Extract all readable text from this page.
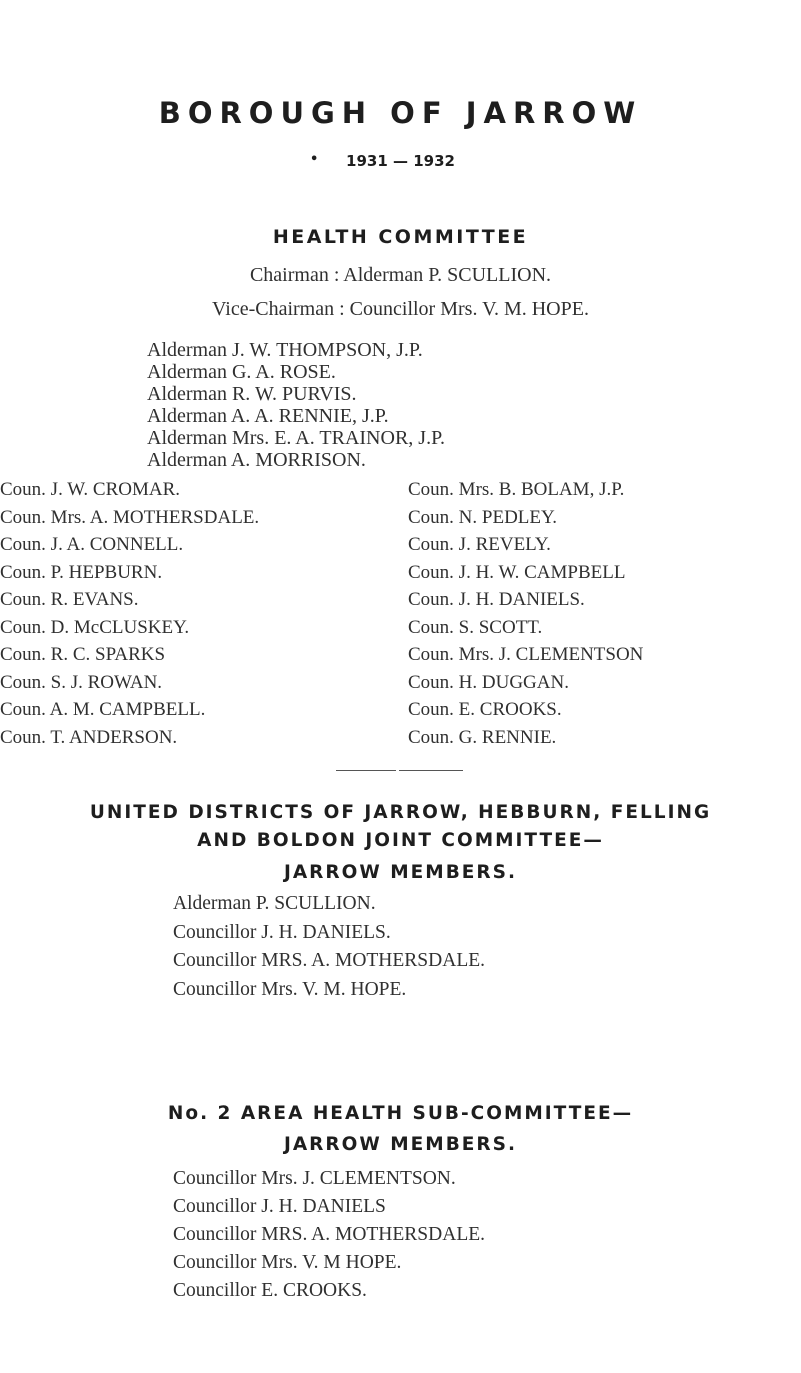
BOROUGH OF JARROW
• 1931 — 1932
HEALTH COMMITTEE
Chairman : Alderman P. SCULLION.
Vice-Chairman : Councillor Mrs. V. M. HOPE.
Alderman J. W. THOMPSON, J.P.
Alderman G. A. ROSE.
Alderman R. W. PURVIS.
Alderman A. A. RENNIE, J.P.
Alderman Mrs. E. A. TRAINOR, J.P.
Alderman A. MORRISON.
Coun. J. W. CROMAR.
Coun. Mrs. A. MOTHERSDALE.
Coun. J. A. CONNELL.
Coun. P. HEPBURN.
Coun. R. EVANS.
Coun. D. McCLUSKEY.
Coun. R. C. SPARKS
Coun. S. J. ROWAN.
Coun. A. M. CAMPBELL.
Coun. T. ANDERSON.
Coun. Mrs. B. BOLAM, J.P.
Coun. N. PEDLEY.
Coun. J. REVELY.
Coun. J. H. W. CAMPBELL
Coun. J. H. DANIELS.
Coun. S. SCOTT.
Coun. Mrs. J. CLEMENTSON
Coun. H. DUGGAN.
Coun. E. CROOKS.
Coun. G. RENNIE.
UNITED DISTRICTS OF JARROW, HEBBURN, FELLING
AND BOLDON JOINT COMMITTEE—
JARROW MEMBERS.
Alderman P. SCULLION.
Councillor J. H. DANIELS.
Councillor MRS. A. MOTHERSDALE.
Councillor Mrs. V. M. HOPE.
No. 2 AREA HEALTH SUB-COMMITTEE—
JARROW MEMBERS.
Councillor Mrs. J. CLEMENTSON.
Councillor J. H. DANIELS
Councillor MRS. A. MOTHERSDALE.
Councillor Mrs. V. M HOPE.
Councillor E. CROOKS.
